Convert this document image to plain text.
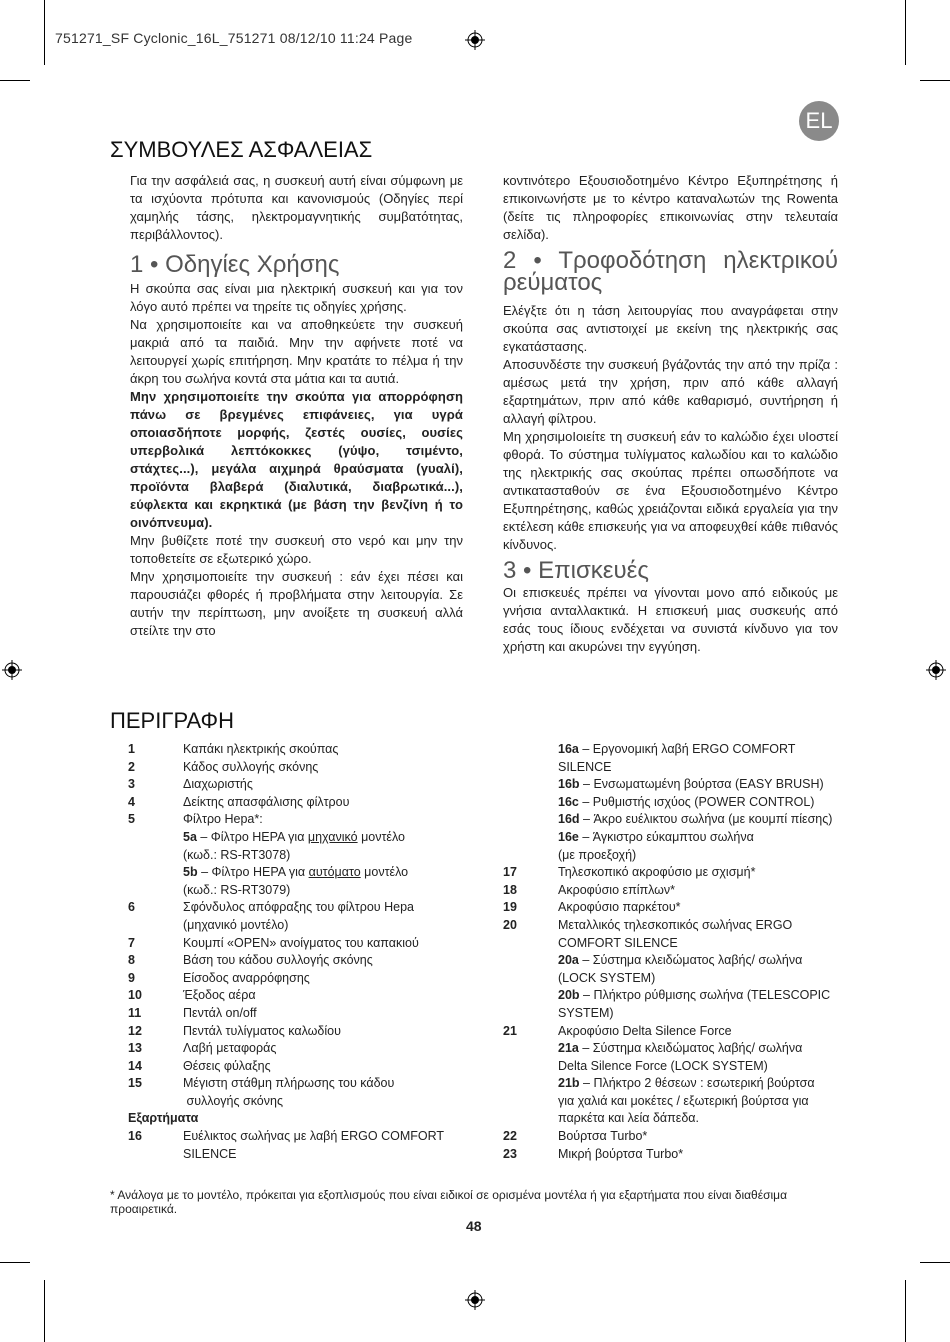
751271_SF Cyclonic_16L_751271 08/12/10 11:24 Page
EL
ΣΥΜΒΟΥΛΕΣ ΑΣΦΑΛΕΙΑΣ

Για την ασφάλειά σας, η συσκευή αυτή είναι σύμφωνη με τα ισχύοντα πρότυπα και κανονισμούς (Οδηγίες περί χαμηλής τάσης, ηλεκτρομαγνητικής συμβατότητας, περιβάλλοντος).

1 • Οδηγίες Χρήσης

Η σκούπα σας είναι μια ηλεκτρική συσκευή και για τον λόγο αυτό πρέπει να τηρείτε τις οδηγίες χρήσης.

Να χρησιμοποιείτε και να αποθηκεύετε την συσκευή μακριά από τα παιδιά. Μην την αφήνετε ποτέ να λειτουργεί χωρίς επιτήρηση. Μην κρατάτε το πέλμα ή την άκρη του σωλήνα κοντά στα μάτια και τα αυτιά.

Μην χρησιμοποιείτε την σκούπα για απορρόφηση πάνω σε βρεγμένες επιφάνειες, για υγρά οποιασδήποτε μορφής, ζεστές ουσίες, ουσίες υπερβολικά λεπτόκοκκες (γύψο, τσιμέντο, στάχτες...), μεγάλα αιχμηρά θραύσματα (γυαλί), προϊόντα βλαβερά (διαλυτικά, διαβρωτικά...), εύφλεκτα και εκρηκτικά (με βάση την βενζίνη ή το οινόπνευμα).

Μην βυθίζετε ποτέ την συσκευή στο νερό και μην την τοποθετείτε σε εξωτερικό χώρο.

Μην χρησιμοποιείτε την συσκευή : εάν έχει πέσει και παρουσιάζει φθορές ή προβλήματα στην λειτουργία. Σε αυτήν την περίπτωση, μην ανοίξετε τη συσκευή αλλά στείλτε την στο

κοντινότερο Εξουσιοδοτημένο Κέντρο Εξυπηρέτησης ή επικοινωνήστε με το κέντρο καταναλωτών της Rowenta (δείτε τις πληροφορίες επικοινωνίας στην τελευταία σελίδα).

2 • Τροφοδότηση ηλεκτρικού ρεύματος

Ελέγξτε ότι η τάση λειτουργίας που αναγράφεται στην σκούπα σας αντιστοιχεί με εκείνη της ηλεκτρικής σας εγκατάστασης.

Αποσυνδέστε την συσκευή βγάζοντάς την από την πρίζα : αμέσως μετά την χρήση, πριν από κάθε αλλαγή εξαρτημάτων, πριν από κάθε καθαρισμό, συντήρηση ή αλλαγή φίλτρου.

Μη χρησιμοΙοιείτε τη συσκευή εάν το καλώδιο έχει υΙοστεί φθορά. Το σύστημα τυλίγματος καλωδίου και το καλώδιο της ηλεκτρικής σας σκούπας πρέπει οπωσδήποτε να αντικατασταθούν σε ένα Εξουσιοδοτημένο Κέντρο Εξυπηρέτησης, καθώς χρειάζονται ειδικά εργαλεία για την εκτέλεση κάθε επισκευής για να αποφευχθεί κάθε πιθανός κίνδυνος.

3 • Επισκευές

Οι επισκευές πρέπει να γίνονται μονο από ειδικούς με γνήσια ανταλλακτικά. Η επισκευή μιας συσκευής από εσάς τους ίδιους ενδέχεται να συνιστά κίνδυνο για τον χρήστη και ακυρώνει την εγγύηση.

ΠΕΡΙΓΡΑΦΗ
1	Καπάκι ηλεκτρικής σκούπας
2	Κάδος συλλογής σκόνης
3	Διαχωριστής
4	Δείκτης απασφάλισης φίλτρου
5	Φίλτρο Hepa*:
5a – Φίλτρο HEPA για μηχανικό μοντέλο
(κωδ.: RS-RT3078)
5b – Φίλτρο HEPA για αυτόματο μοντέλο
(κωδ.: RS-RT3079)
6	Σφόνδυλος απόφραξης του φίλτρου Hepa
(μηχανικό μοντέλο)
7	Κουμπί «OPEN» ανοίγματος του καπακιού
8	Βάση του κάδου συλλογής σκόνης
9	Είσοδος αναρρόφησης
10	Έξοδος αέρα
11	Πεντάλ on/off
12	Πεντάλ τυλίγματος καλωδίου
13	Λαβή μεταφοράς
14	Θέσεις φύλαξης
15	Μέγιστη στάθμη πλήρωσης του κάδου
συλλογής σκόνης
Εξαρτήματα
16	Ευέλικτος σωλήνας με λαβή ERGO COMFORT
SILENCE
16a – Εργονομική λαβή ERGO COMFORT
SILENCE
16b – Ενσωματωμένη βούρτσα (EASY BRUSH)
16c – Ρυθμιστής ισχύος (POWER CONTROL)
16d – Άκρο ευέλικτου σωλήνα (με κουμπί πίεσης)
16e – Άγκιστρο εύκαμπτου σωλήνα
(με προεξοχή)
17	Τηλεσκοπικό ακροφύσιο με σχισμή*
18	Ακροφύσιο επίπλων*
19	Ακροφύσιο παρκέτου*
20	Μεταλλικός τηλεσκοπικός σωλήνας ERGO
COMFORT SILENCE
20a – Σύστημα κλειδώματος λαβής/ σωλήνα
(LOCK SYSTEM)
20b – Πλήκτρο ρύθμισης σωλήνα (TELESCOPIC
SYSTEM)
21	Ακροφύσιο Delta Silence Force
21a – Σύστημα κλειδώματος λαβής/ σωλήνα
Delta Silence Force (LOCK SYSTEM)
21b – Πλήκτρο 2 θέσεων : εσωτερική βούρτσα
για χαλιά και μοκέτες / εξωτερική βούρτσα για
παρκέτα και λεία δάπεδα.
22	Βούρτσα Turbo*
23	Μικρή βούρτσα Turbo*
* Ανάλογα με το μοντέλο, πρόκειται για εξοπλισμούς που είναι ειδικοί σε ορισμένα μοντέλα ή για εξαρτήματα που είναι διαθέσιμα προαιρετικά.
48
